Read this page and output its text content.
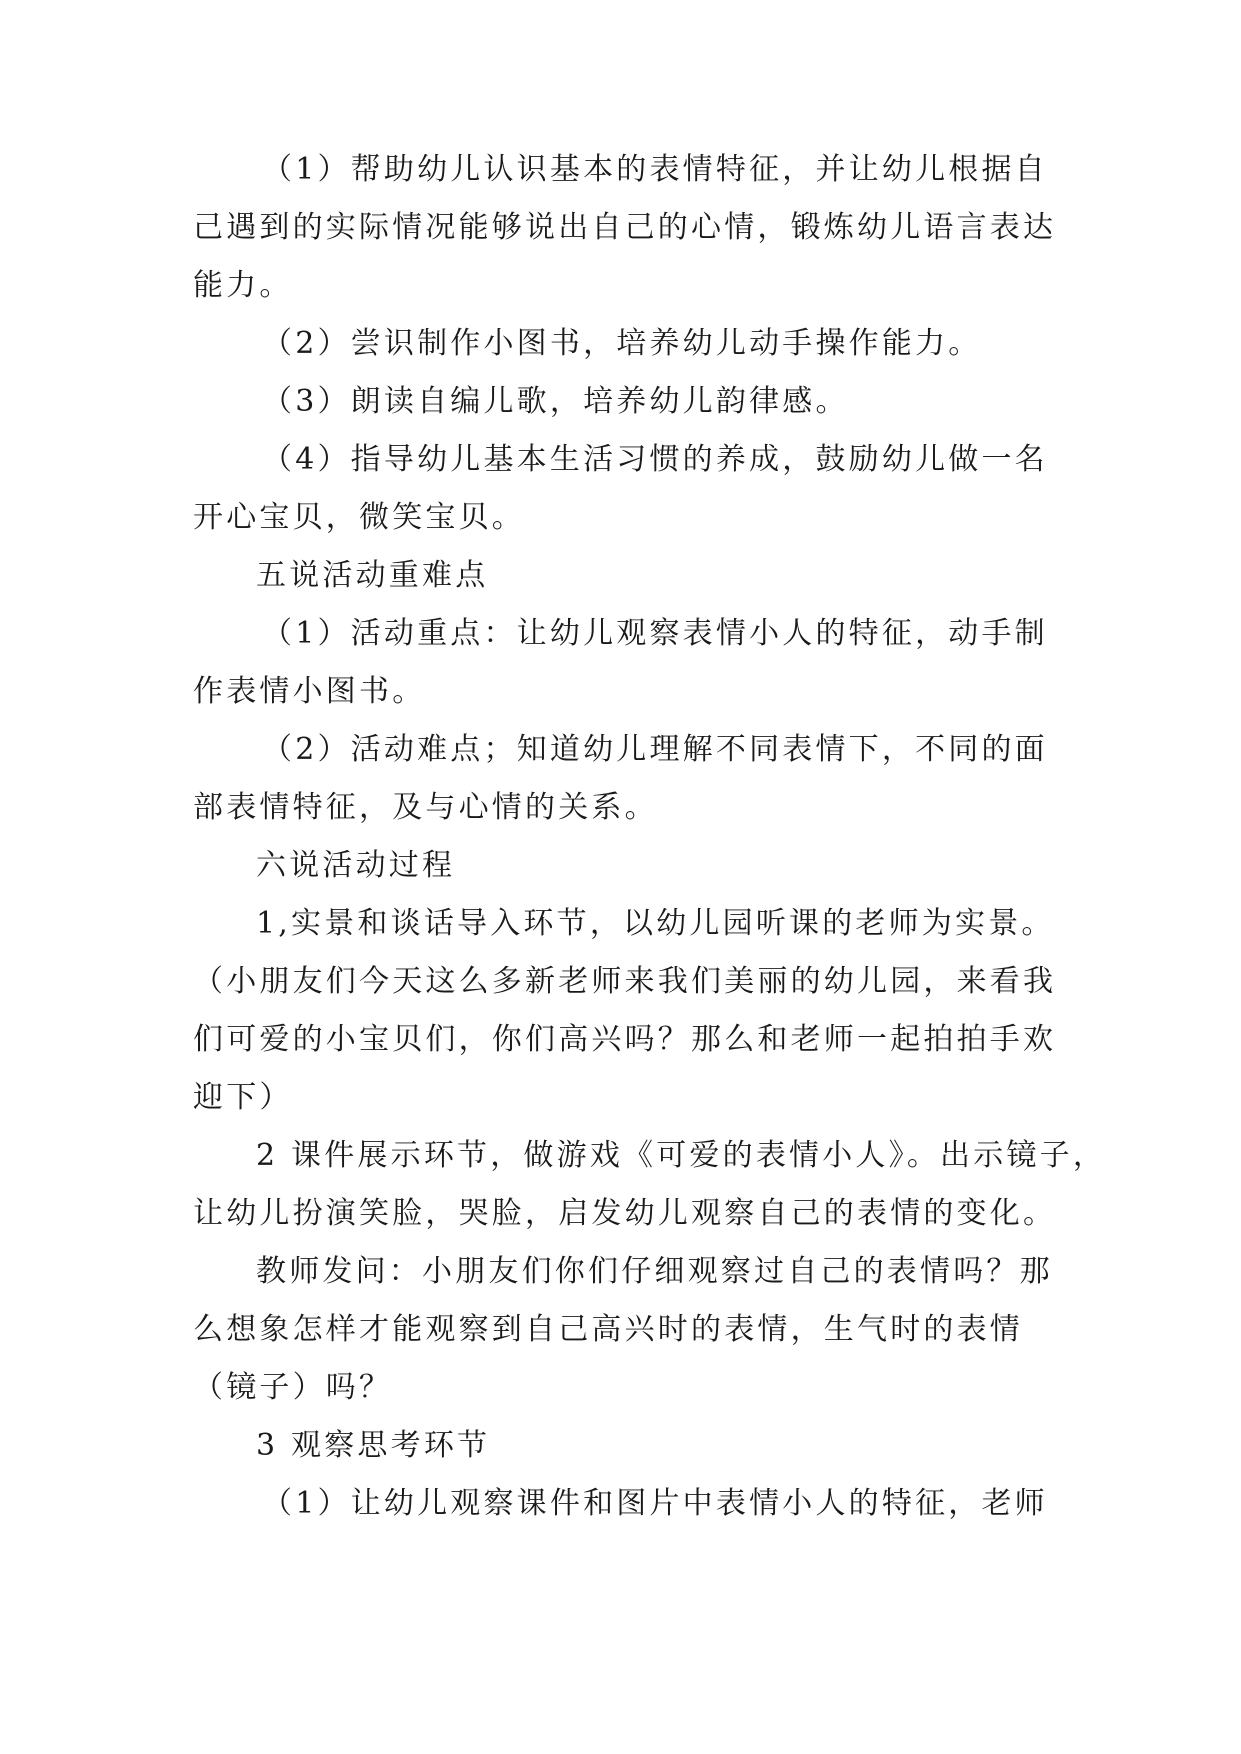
（1）帮助幼儿认识基本的表情特征，并让幼儿根据自
己遇到的实际情况能够说出自己的心情，锻炼幼儿语言表达
能力。
（2）尝识制作小图书，培养幼儿动手操作能力。
（3）朗读自编儿歌，培养幼儿韵律感。
（4）指导幼儿基本生活习惯的养成，鼓励幼儿做一名
开心宝贝，微笑宝贝。
五说活动重难点
（1）活动重点：让幼儿观察表情小人的特征，动手制
作表情小图书。
（2）活动难点；知道幼儿理解不同表情下，不同的面
部表情特征，及与心情的关系。
六说活动过程
1,实景和谈话导入环节，以幼儿园听课的老师为实景。
（小朋友们今天这么多新老师来我们美丽的幼儿园，来看我
们可爱的小宝贝们，你们高兴吗？那么和老师一起拍拍手欢
迎下）
2 课件展示环节，做游戏《可爱的表情小人》。出示镜子，
让幼儿扮演笑脸，哭脸，启发幼儿观察自己的表情的变化。
教师发问：小朋友们你们仔细观察过自己的表情吗？那
么想象怎样才能观察到自己高兴时的表情，生气时的表情
（镜子）吗？
3 观察思考环节
（1）让幼儿观察课件和图片中表情小人的特征，老师
